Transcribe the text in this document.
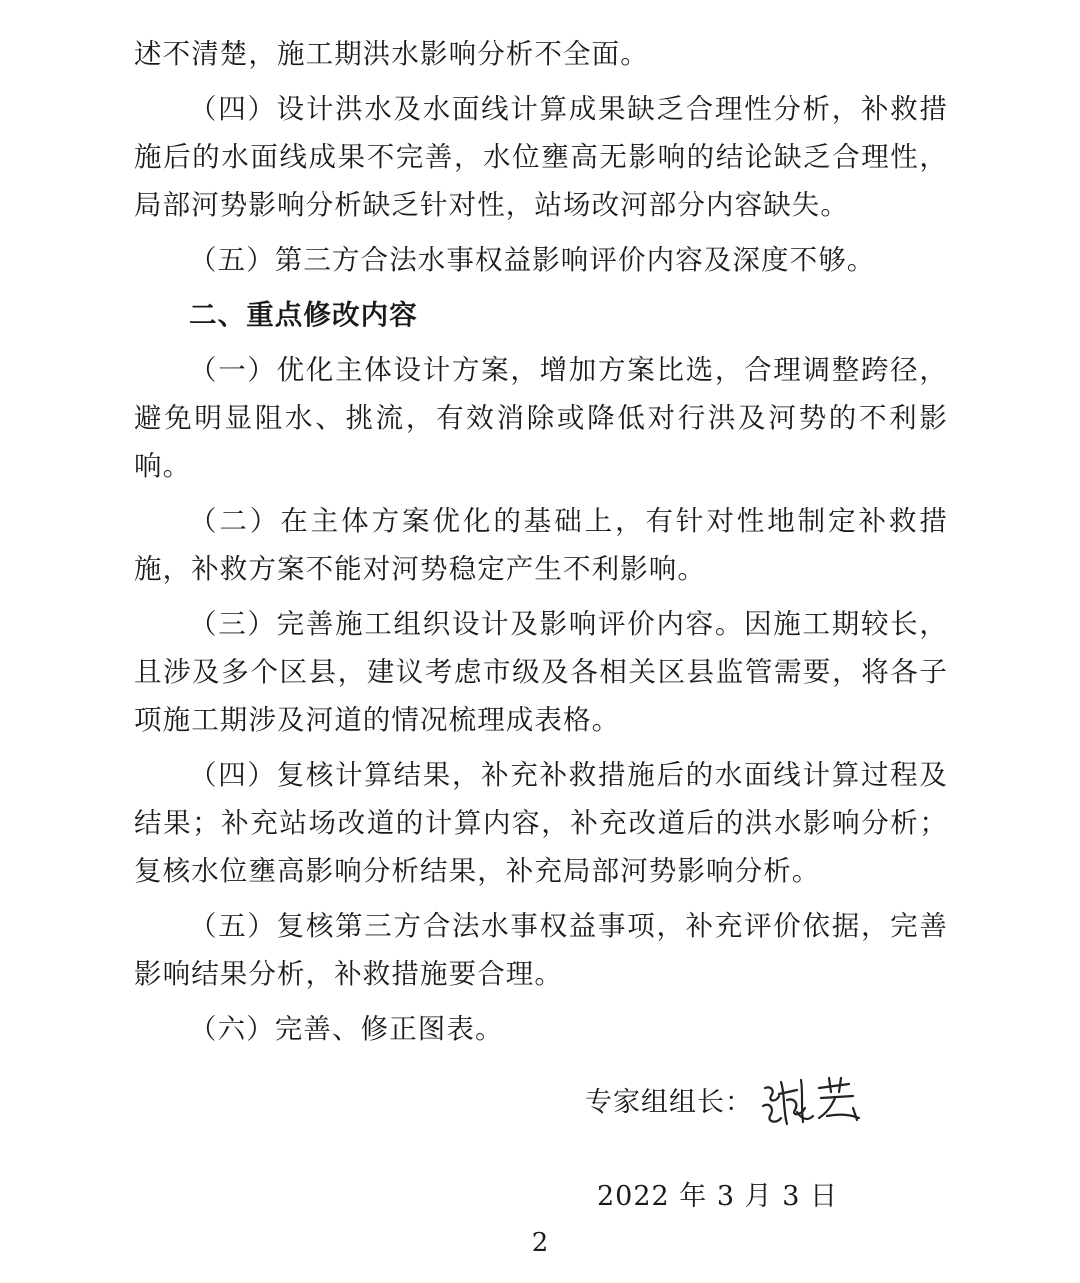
述不清楚，施工期洪水影响分析不全面。

（四）设计洪水及水面线计算成果缺乏合理性分析，补救措施后的水面线成果不完善，水位壅高无影响的结论缺乏合理性，局部河势影响分析缺乏针对性，站场改河部分内容缺失。

（五）第三方合法水事权益影响评价内容及深度不够。

二、重点修改内容

（一）优化主体设计方案，增加方案比选，合理调整跨径，避免明显阻水、挑流，有效消除或降低对行洪及河势的不利影响。

（二）在主体方案优化的基础上，有针对性地制定补救措施，补救方案不能对河势稳定产生不利影响。

（三）完善施工组织设计及影响评价内容。因施工期较长，且涉及多个区县，建议考虑市级及各相关区县监管需要，将各子项施工期涉及河道的情况梳理成表格。

（四）复核计算结果，补充补救措施后的水面线计算过程及结果；补充站场改道的计算内容，补充改道后的洪水影响分析；复核水位壅高影响分析结果，补充局部河势影响分析。

（五）复核第三方合法水事权益事项，补充评价依据，完善影响结果分析，补救措施要合理。

（六）完善、修正图表。

专家组组长：
2022 年 3 月 3 日
2
